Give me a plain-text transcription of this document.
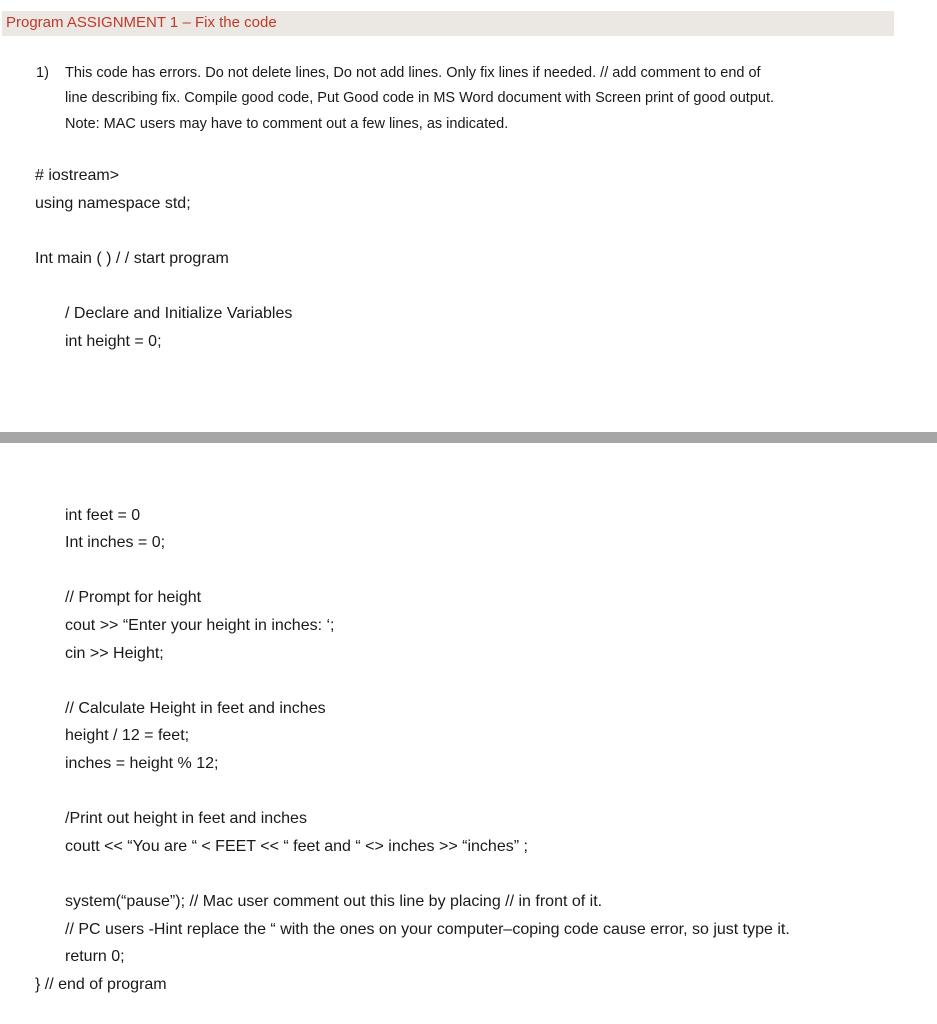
Program ASSIGNMENT 1 – Fix the code
1) This code has errors. Do not delete lines, Do not add lines. Only fix lines if needed. // add comment to end of
line describing fix. Compile good code, Put Good code in MS Word document with Screen print of good output.
Note: MAC users may have to comment out a few lines, as indicated.
# iostream>
using namespace std;
Int main ( ) / / start program
/ Declare and Initialize Variables
int height = 0;
int feet = 0
Int inches = 0;
// Prompt for height
cout >> “Enter your height in inches: ‘;
cin >> Height;
// Calculate Height in feet and inches
height / 12 = feet;
inches = height % 12;
/Print out height in feet and inches
coutt << “You are “ < FEET << “ feet and “ <> inches >> “inches” ;
system(“pause”); // Mac user comment out this line by placing // in front of it.
// PC users -Hint replace the “ with the ones on your computer–coping code cause error, so just type it.
return 0;
} // end of program
